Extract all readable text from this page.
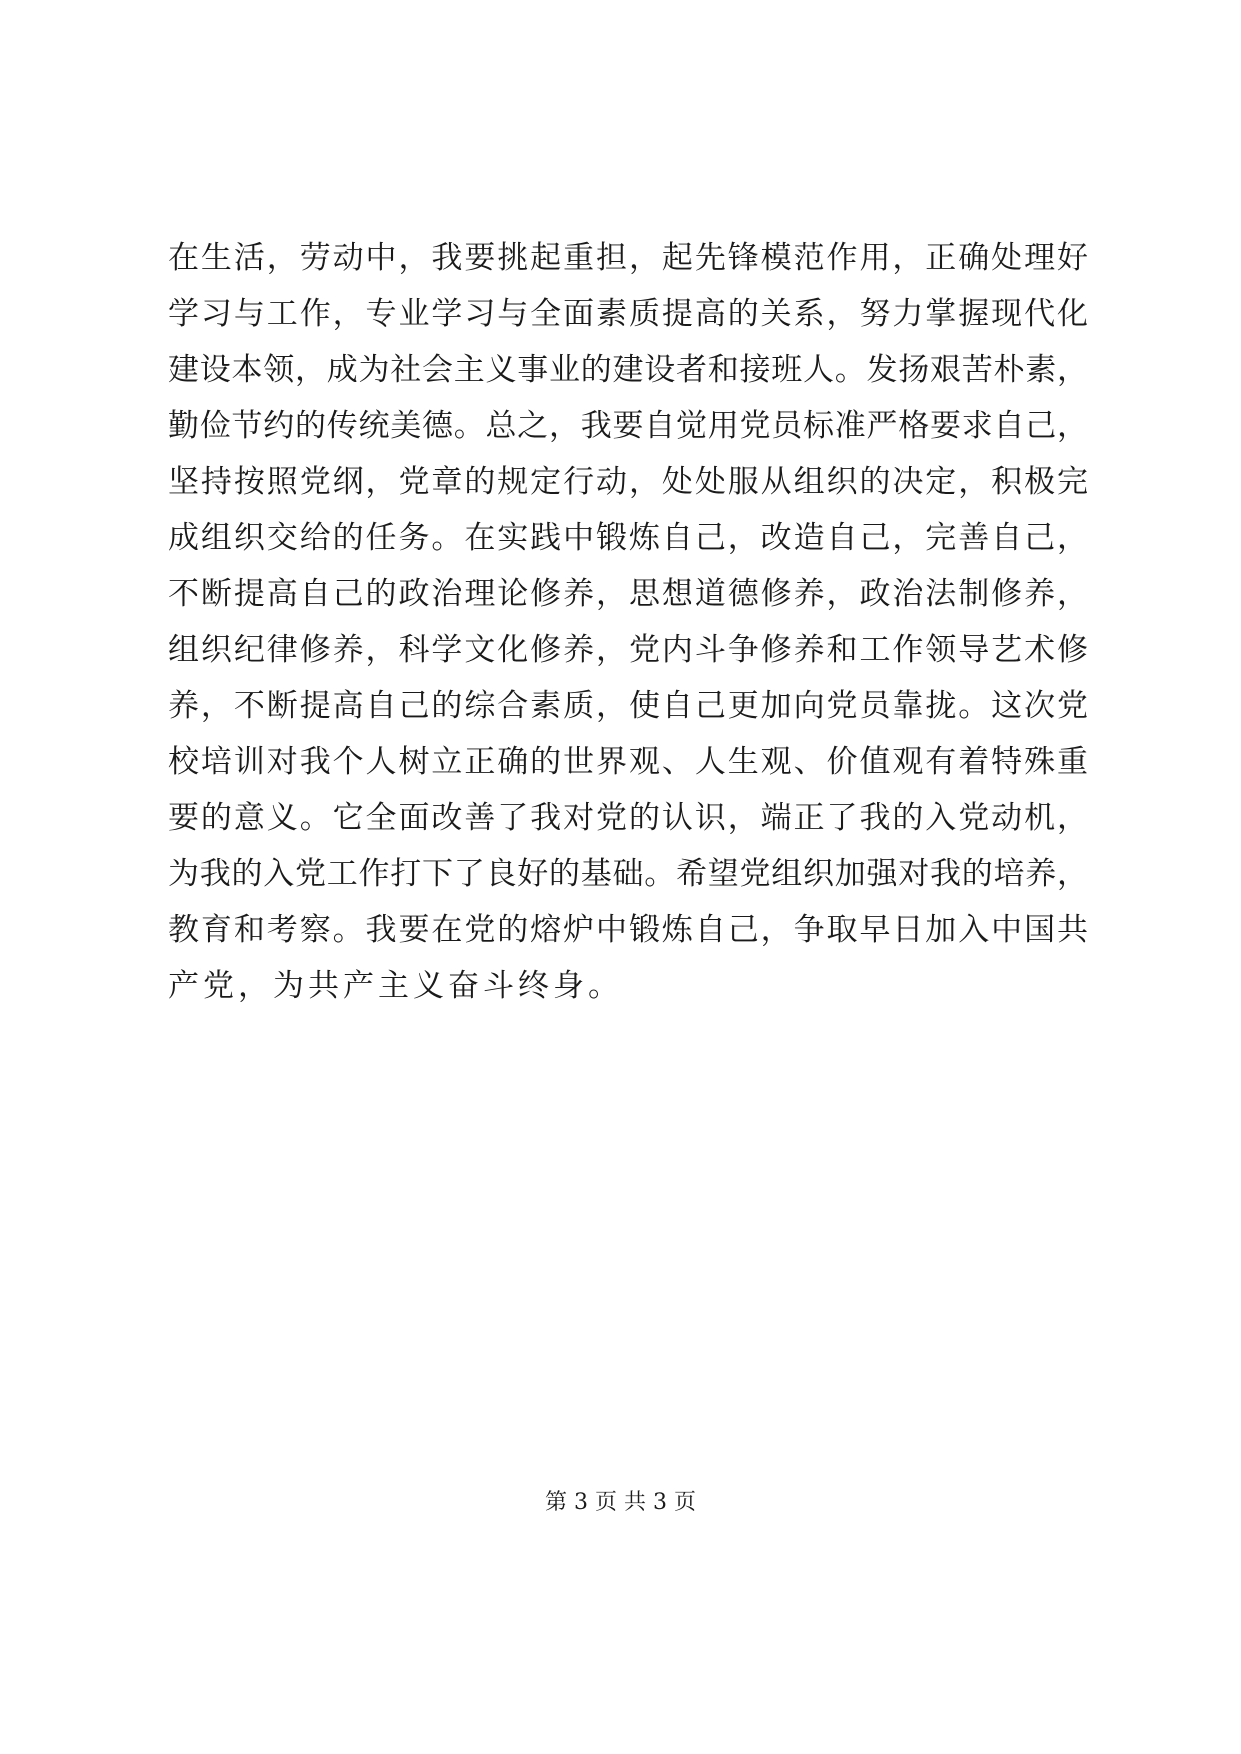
在生活，劳动中，我要挑起重担，起先锋模范作用，正确处理好
学习与工作，专业学习与全面素质提高的关系，努力掌握现代化
建设本领，成为社会主义事业的建设者和接班人。发扬艰苦朴素，
勤俭节约的传统美德。总之，我要自觉用党员标准严格要求自己，
坚持按照党纲，党章的规定行动，处处服从组织的决定，积极完
成组织交给的任务。在实践中锻炼自己，改造自己，完善自己，
不断提高自己的政治理论修养，思想道德修养，政治法制修养，
组织纪律修养，科学文化修养，党内斗争修养和工作领导艺术修
养，不断提高自己的综合素质，使自己更加向党员靠拢。这次党
校培训对我个人树立正确的世界观、人生观、价值观有着特殊重
要的意义。它全面改善了我对党的认识，端正了我的入党动机，
为我的入党工作打下了良好的基础。希望党组织加强对我的培养，
教育和考察。我要在党的熔炉中锻炼自己，争取早日加入中国共
产党，为共产主义奋斗终身。
第 3 页 共 3 页
